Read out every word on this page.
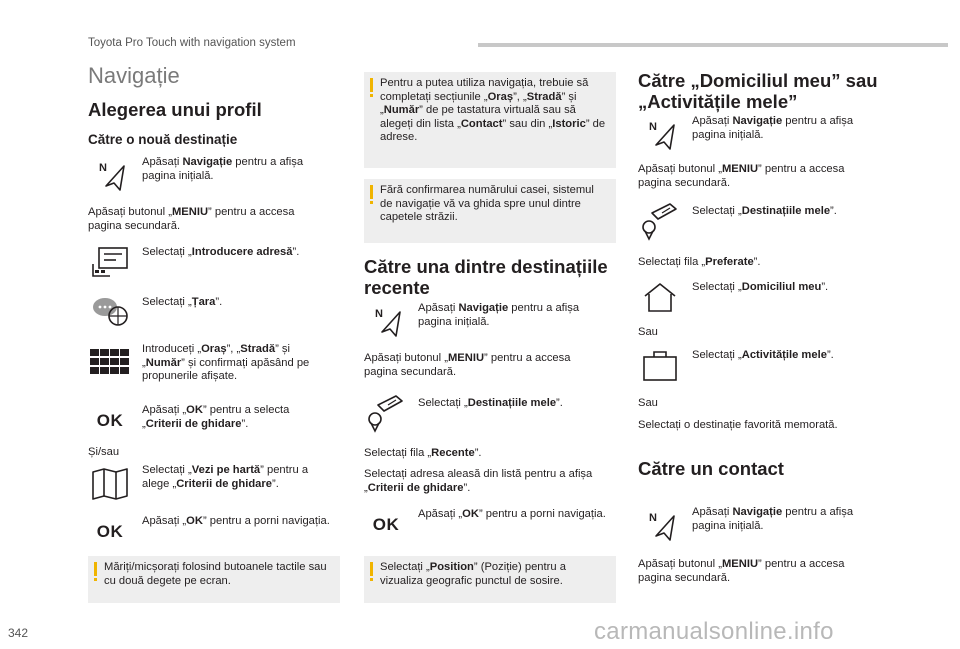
Toyota Pro Touch with navigation system
342	carmanualsonline.info
Navigație
Alegerea unui profil
Către o nouă destinație
N	Apăsați Navigație pentru a afișa pagina inițială.
Apăsați butonul „MENIU” pentru a accesa pagina secundară.
Selectați „Introducere adresă”.
Selectați „Țara”.
Introduceți „Oraș”, „Stradă” și „Număr” și confirmați apăsând pe propunerile afișate.
OK
Apăsați „OK” pentru a selecta „Criterii de ghidare”.
Și/sau
Selectați „Vezi pe hartă” pentru a alege „Criterii de ghidare”.
OK
Apăsați „OK” pentru a porni navigația.
Măriți/micșorați folosind butoanele tactile sau cu două degete pe ecran.
Pentru a putea utiliza navigația, trebuie să completați secțiunile „Oraș”, „Stradă” și „Număr” de pe tastatura virtuală sau să alegeți din lista „Contact” sau din „Istoric” de adrese.
Fără confirmarea numărului casei, sistemul de navigație vă va ghida spre unul dintre capetele străzii.
Către una dintre destinațiile recente
N	Apăsați Navigație pentru a afișa pagina inițială.
Apăsați butonul „MENIU” pentru a accesa pagina secundară.
Selectați „Destinațiile mele”.
Selectați fila „Recente”.
Selectați adresa aleasă din listă pentru a afișa „Criterii de ghidare”.
OK
Apăsați „OK” pentru a porni navigația.
Selectați „Position” (Poziție) pentru a vizualiza geografic punctul de sosire.
Către „Domiciliul meu” sau „Activitățile mele”
N	Apăsați Navigație pentru a afișa pagina inițială.
Apăsați butonul „MENIU” pentru a accesa pagina secundară.
Selectați „Destinațiile mele”.
Selectați fila „Preferate”.
Selectați „Domiciliul meu”.
Sau
Selectați „Activitățile mele”.
Sau
Selectați o destinație favorită memorată.
Către un contact
N	Apăsați Navigație pentru a afișa pagina inițială.
Apăsați butonul „MENIU” pentru a accesa pagina secundară.
